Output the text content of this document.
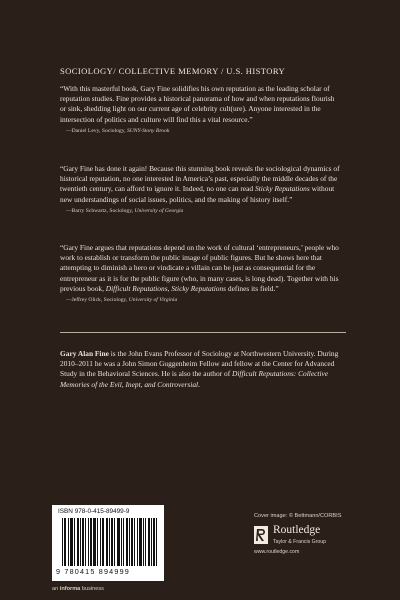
SOCIOLOGY/ COLLECTIVE MEMORY / U.S. HISTORY

“With this masterful book, Gary Fine solidifies his own reputation as the leading scholar of reputation studies. Fine provides a historical panorama of how and when reputations flourish or sink, shedding light on our current age of celebrity cult(ure). Anyone interested in the intersection of politics and culture will find this a vital resource.”

—Daniel Levy, Sociology, SUNY-Stony Brook

“Gary Fine has done it again! Because this stunning book reveals the sociological dynamics of historical reputation, no one interested in America’s past, especially the middle decades of the twentieth century, can afford to ignore it. Indeed, no one can read Sticky Reputations without new understandings of social issues, politics, and the making of history itself.”

—Barry Schwartz, Sociology, University of Georgia

“Gary Fine argues that reputations depend on the work of cultural ‘entrepreneurs,’ people who work to establish or transform the public image of public figures. But he shows here that attempting to diminish a hero or vindicate a villain can be just as consequential for the entrepreneur as it is for the public figure (who, in many cases, is long dead). Together with his previous book, Difficult Reputations, Sticky Reputations defines its field.”

—Jeffrey Olick, Sociology, University of Virginia
Gary Alan Fine is the John Evans Professor of Sociology at Northwestern University. During 2010–2011 he was a John Simon Guggenheim Fellow and fellow at the Center for Advanced Study in the Behavioral Sciences. He is also the author of Difficult Reputations: Collective Memories of the Evil, Inept, and Controversial.
ISBN 978-0-415-89499-9
9 780415 894999
an informa business
Cover image: © Bettmann/CORBIS
Routledge
Taylor & Francis Group
www.routledge.com
